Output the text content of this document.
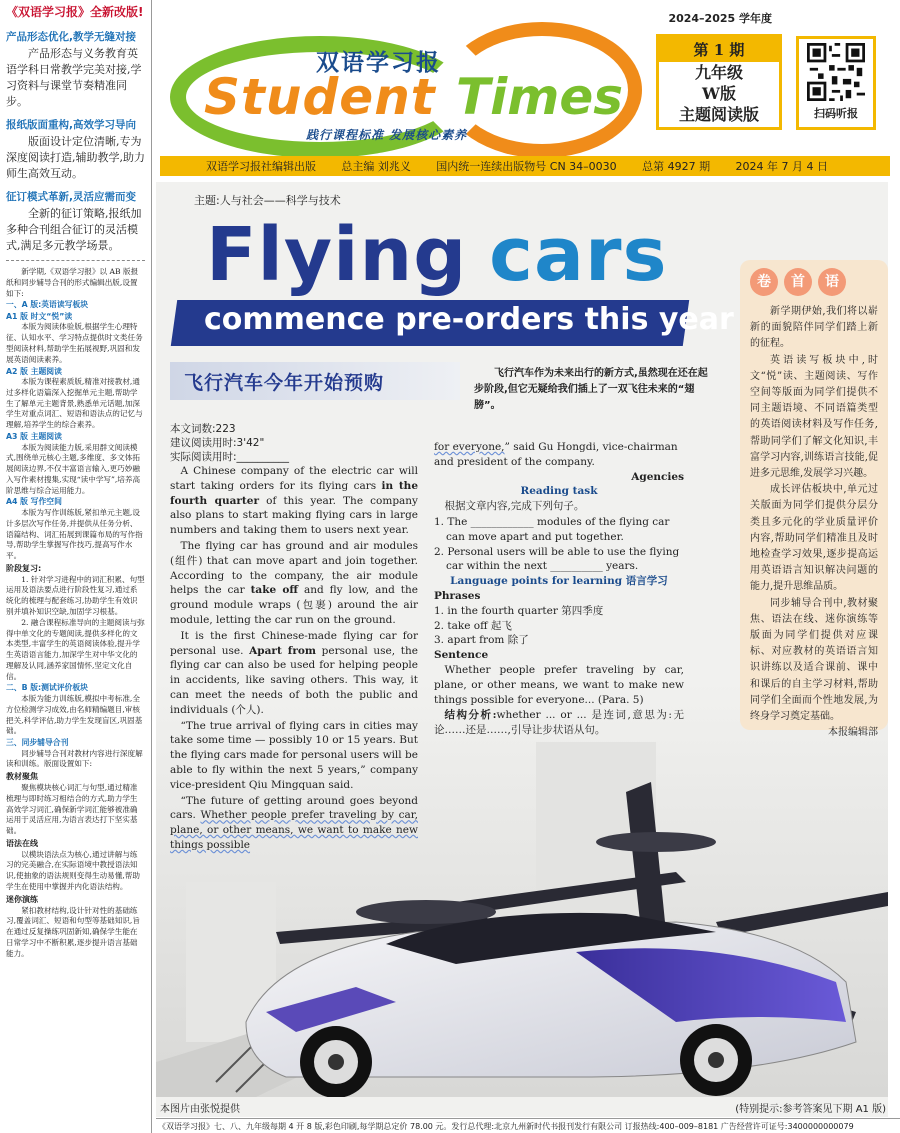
《双语学习报》全新改版!
产品形态优化,教学无缝对接
产品形态与义务教育英语学科日常教学完美对接,学习资料与课堂节奏精准同步。
报纸版面重构,高效学习导向
版面设计定位清晰,专为深度阅读打造,辅助教学,助力师生高效互动。
征订模式革新,灵活应需而变
全新的征订策略,报纸加多种合刊组合征订的灵活模式,满足多元教学场景。
新学期,《双语学习报》以 AB 版报纸和同步辅导合刊的形式编辑出版,设置如下:
一、A 版:英语读写板块
A1 版 时文“悦”读
本版为阅读体验版,根据学生心理特征、认知水平、学习特点提供时文类任务型阅读材料,帮助学生拓展视野,巩固和发展英语阅读素养。
A2 版 主题阅读
本版为课程素质版,精准对接教材,通过多样化语篇深入挖掘单元主题,帮助学生了解单元主题背景,熟悉单元话题,加深学生对重点词汇、短语和语法点的记忆与理解,培养学生的综合素养。
A3 版 主题阅读
本版为阅读能力版,采用群文阅读模式,围绕单元核心主题,多维度、多文体拓展阅读边界,不仅丰富语言输入,更巧妙融入写作素材搜集,实现“读中学写”,培养高阶思维与综合运用能力。
A4 版 写作空间
本版为写作训练版,紧扣单元主题,设计多层次写作任务,并提供从任务分析、语篇结构、词汇拓展到课篇布局的写作指导,帮助学生掌握写作技巧,提高写作水平。
阶段复习:
1. 针对学习进程中的词汇积累、句型运用及语法要点进行阶段性复习,通过系统化的梳理与配套练习,协助学生有效识别并填补知识空缺,加固学习根基。
2. 融合课程标准导向的主题阅读与弥得中单文化的专题阅读,提供多样化的文本类型,丰富学生的英语阅读体验,提升学生英语语言能力,加深学生对中华文化的理解及认同,涵养家国情怀,坚定文化自信。
二、B 版:测试评价板块
本版为能力训练版,模拟中考标准,全方位检测学习成效,由名师精编题目,审核把关,科学评估,助力学生发现盲区,巩固基础。
三、同步辅导合刊
同步辅导合刊对教材内容进行深度解读和训练。版面设置如下:
教材聚焦
聚焦模块核心词汇与句型,通过精准梳理与即时练习相结合的方式,助力学生高效学习词汇,确保新学词汇能够被准确运用于灵活应用,为语言表达打下坚实基础。
语法在线
以模块语法点为核心,通过讲解与练习的完美融合,在实际语境中教授语法知识,使抽象的语法规则变得生动易懂,帮助学生在使用中掌握并内化语法结构。
迷你演练
紧扣教材结构,设计针对性的基础练习,覆盖词汇、短语和句型等基础知识,旨在通过反复操练巩固新知,确保学生能在日常学习中不断积累,逐步提升语言基础能力。
2024–2025 学年度
双语学习报
Student Times
践行课程标准 发展核心素养
第 1 期
九年级
W版
主题阅读版	扫码听报
双语学习报社编辑出版 总主编 刘兆义 国内统一连续出版物号 CN 34–0030 总第 4927 期 2024 年 7 月 4 日
主题:人与社会——科学与技术
Flying cars
commence pre-orders this year
飞行汽车今年开始预购	飞行汽车作为未来出行的新方式,虽然现在还在起步阶段,但它无疑给我们插上了一双飞往未来的“翅膀”。
本文词数:223
建议阅读用时:3'42"
实际阅读用时:__________

A Chinese company of the electric car will start taking orders for its flying cars in the fourth quarter of this year. The company also plans to start making flying cars in large numbers and taking them to users next year.

The flying car has ground and air modules (组件) that can move apart and join together. According to the company, the air module helps the car take off and fly low, and the ground module wraps (包裹) around the air module, letting the car run on the ground.

It is the first Chinese-made flying car for personal use. Apart from personal use, the flying car can also be used for helping people in accidents, like saving others. This way, it can meet the needs of both the public and individuals (个人).

“The true arrival of flying cars in cities may take some time — possibly 10 or 15 years. But the flying cars made for personal users will be able to fly within the next 5 years,” company vice-president Qiu Mingquan said.

“The future of getting around goes beyond cars. Whether people prefer traveling by car, plane, or other means, we want to make new things possible

for everyone,” said Gu Hongdi, vice-chairman and president of the company.

Agencies
Reading task
根据文章内容,完成下列句子。
1. The ____________ modules of the flying car can move apart and put together.
2. Personal users will be able to use the flying car within the next __________ years.
Language points for learning 语言学习
Phrases
1. in the fourth quarter 第四季度
2. take off 起飞
3. apart from 除了
Sentence
Whether people prefer traveling by car, plane, or other means, we want to make new things possible for everyone... (Para. 5)
结构分析:whether ... or ... 是连词,意思为:无论……还是……,引导让步状语从句。
卷	首	语

新学期伊始,我们将以崭新的面貌陪伴同学们踏上新的征程。

英语读写板块中,时文“悦”读、主题阅读、写作空间等版面为同学们提供不同主题语境、不同语篇类型的英语阅读材料及写作任务,帮助同学们了解文化知识,丰富学习内容,训练语言技能,促进多元思维,发展学习兴趣。

成长评估板块中,单元过关版面为同学们提供分层分类且多元化的学业质量评价内容,帮助同学们精准且及时地检查学习效果,逐步提高运用英语语言知识解决问题的能力,提升思维品质。

同步辅导合刊中,教材聚焦、语法在线、迷你演练等版面为同学们提供对应课标、对应教材的英语语言知识讲练以及适合课前、课中和课后的自主学习材料,帮助同学们全面而个性地发展,为终身学习奠定基础。

本报编辑部

本图片由张悦提供	(特别提示:参考答案见下期 A1 版)
《双语学习报》七、八、九年级每期 4 开 8 版,彩色印刷,每学期总定价 78.00 元。发行总代理:北京九州新时代书报刊发行有限公司 订报热线:400–009–8181 广告经营许可证号:3400000000079
